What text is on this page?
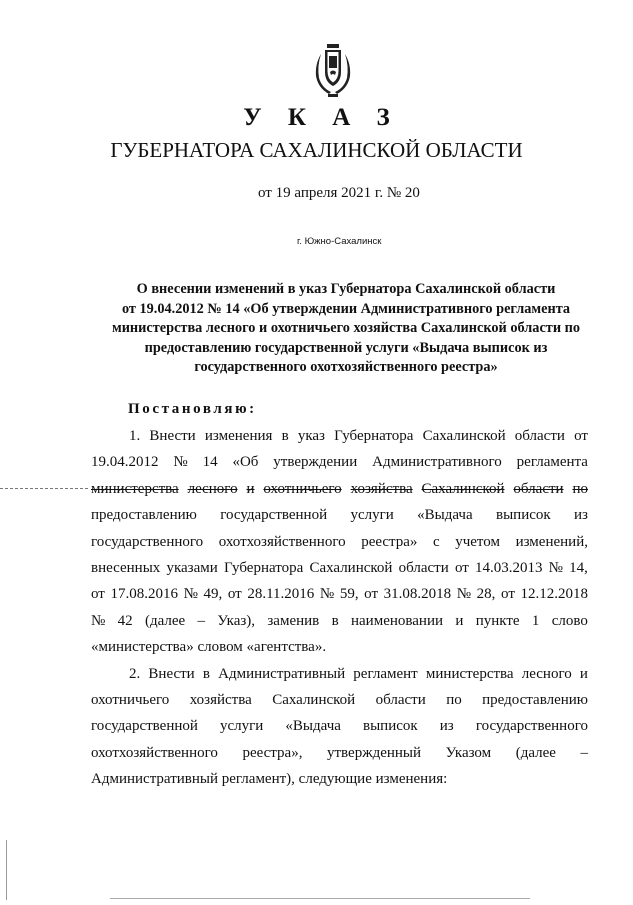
У К А З
ГУБЕРНАТОРА САХАЛИНСКОЙ ОБЛАСТИ
от 19 апреля 2021 г. № 20
г. Южно-Сахалинск
О внесении изменений в указ Губернатора Сахалинской области
от 19.04.2012 № 14 «Об утверждении Административного регламента
министерства лесного и охотничьего хозяйства Сахалинской области по
предоставлению государственной услуги «Выдача выписок из
государственного охотхозяйственного реестра»
Постановляю:
1. Внести изменения в указ Губернатора Сахалинской области от
19.04.2012 № 14 «Об утверждении Административного регламента
министерства лесного и охотничьего хозяйства Сахалинской области по
предоставлению государственной услуги «Выдача выписок из
государственного охотхозяйственного реестра» с учетом изменений,
внесенных указами Губернатора Сахалинской области от 14.03.2013 № 14,
от 17.08.2016 № 49, от 28.11.2016 № 59, от 31.08.2018 № 28, от 12.12.2018
№ 42 (далее – Указ), заменив в наименовании и пункте 1 слово
«министерства» словом «агентства».
2. Внести в Административный регламент министерства лесного и
охотничьего хозяйства Сахалинской области по предоставлению
государственной услуги «Выдача выписок из государственного
охотхозяйственного реестра», утвержденный Указом (далее –
Административный регламент), следующие изменения:
